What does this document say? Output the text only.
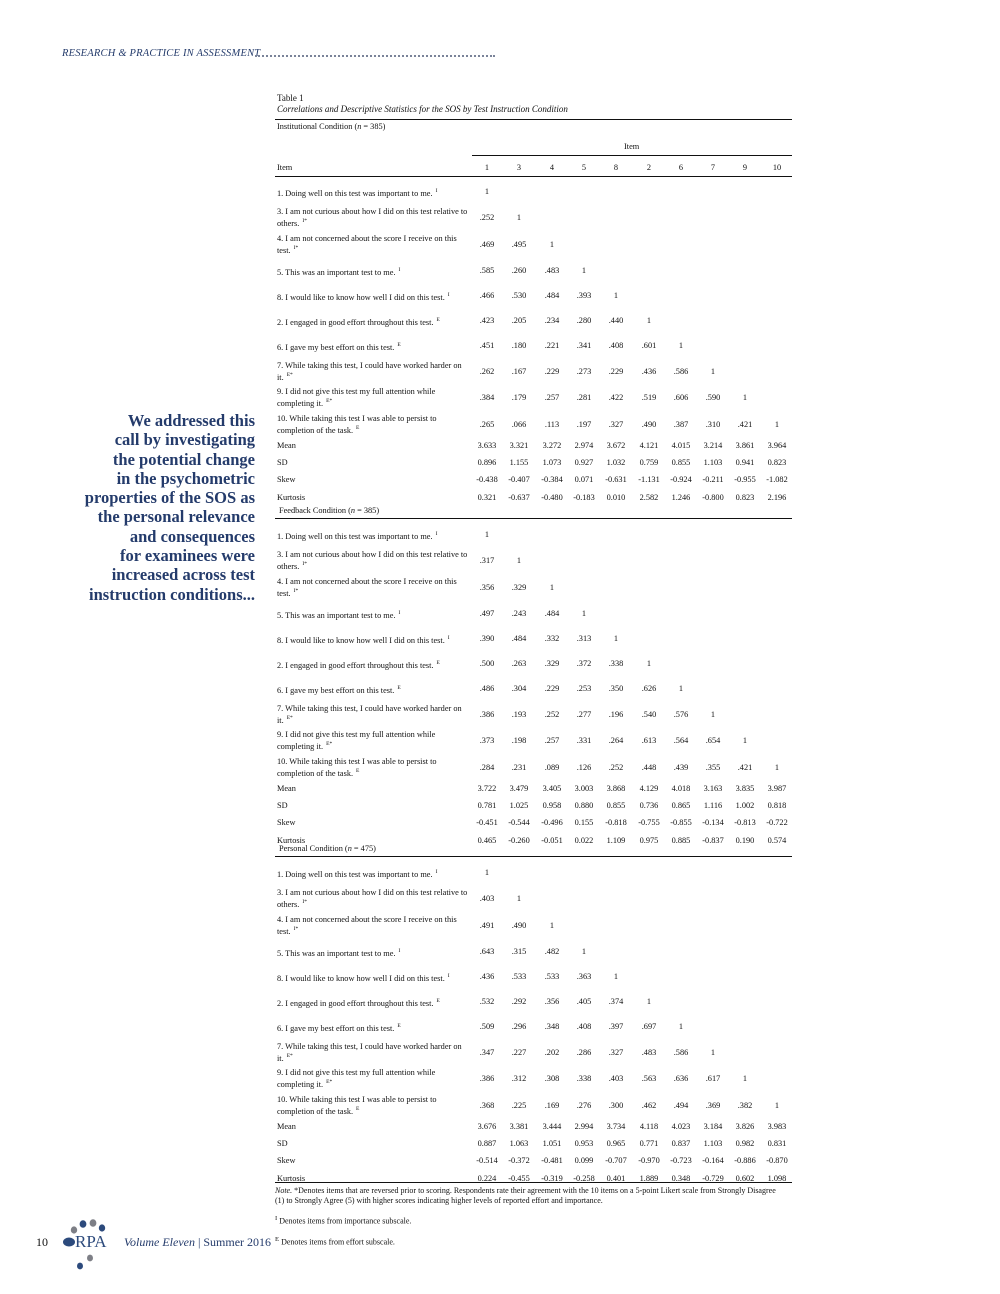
RESEARCH & PRACTICE IN ASSESSMENT
We addressed this
call by investigating
the potential change
in the psychometric
properties of the SOS as
the personal relevance
and consequences
for examinees were
increased across test
instruction conditions...
Table 1
Correlations and Descriptive Statistics for the SOS by Test Instruction Condition
Item
Item	1	3	4	5	8	2	6	7	9	10
Institutional Condition (n = 385)
1. Doing well on this test was important to me. $^I$	1
3. I am not curious about how I did on this test relative to others. $^{I*}$	.252	1
4. I am not concerned about the score I receive on this test. $^{I*}$	.469	.495	1
5. This was an important test to me. $^I$	.585	.260	.483	1
8. I would like to know how well I did on this test. $^I$	.466	.530	.484	.393	1
2. I engaged in good effort throughout this test. $^E$	.423	.205	.234	.280	.440	1
6. I gave my best effort on this test. $^E$	.451	.180	.221	.341	.408	.601	1
7. While taking this test, I could have worked harder on it. $^{E*}$	.262	.167	.229	.273	.229	.436	.586	1
9. I did not give this test my full attention while completing it. $^{E*}$	.384	.179	.257	.281	.422	.519	.606	.590	1
10. While taking this test I was able to persist to completion of the task. $^E$	.265	.066	.113	.197	.327	.490	.387	.310	.421	1
Mean	3.633	3.321	3.272	2.974	3.672	4.121	4.015	3.214	3.861	3.964
SD	0.896	1.155	1.073	0.927	1.032	0.759	0.855	1.103	0.941	0.823
Skew	-0.438	-0.407	-0.384	0.071	-0.631	-1.131	-0.924	-0.211	-0.955	-1.082
Kurtosis	0.321	-0.637	-0.480	-0.183	0.010	2.582	1.246	-0.800	0.823	2.196
Feedback Condition (n = 385)
1. Doing well on this test was important to me. $^I$	1
3. I am not curious about how I did on this test relative to others. $^{I*}$	.317	1
4. I am not concerned about the score I receive on this test. $^{I*}$	.356	.329	1
5. This was an important test to me. $^I$	.497	.243	.484	1
8. I would like to know how well I did on this test. $^I$	.390	.484	.332	.313	1
2. I engaged in good effort throughout this test. $^E$	.500	.263	.329	.372	.338	1
6. I gave my best effort on this test. $^E$	.486	.304	.229	.253	.350	.626	1
7. While taking this test, I could have worked harder on it. $^{E*}$	.386	.193	.252	.277	.196	.540	.576	1
9. I did not give this test my full attention while completing it. $^{E*}$	.373	.198	.257	.331	.264	.613	.564	.654	1
10. While taking this test I was able to persist to completion of the task. $^E$	.284	.231	.089	.126	.252	.448	.439	.355	.421	1
Mean	3.722	3.479	3.405	3.003	3.868	4.129	4.018	3.163	3.835	3.987
SD	0.781	1.025	0.958	0.880	0.855	0.736	0.865	1.116	1.002	0.818
Skew	-0.451	-0.544	-0.496	0.155	-0.818	-0.755	-0.855	-0.134	-0.813	-0.722
Kurtosis	0.465	-0.260	-0.051	0.022	1.109	0.975	0.885	-0.837	0.190	0.574
Personal Condition (n = 475)
1. Doing well on this test was important to me. $^I$	1
3. I am not curious about how I did on this test relative to others. $^{I*}$	.403	1
4. I am not concerned about the score I receive on this test. $^{I*}$	.491	.490	1
5. This was an important test to me. $^I$	.643	.315	.482	1
8. I would like to know how well I did on this test. $^I$	.436	.533	.533	.363	1
2. I engaged in good effort throughout this test. $^E$	.532	.292	.356	.405	.374	1
6. I gave my best effort on this test. $^E$	.509	.296	.348	.408	.397	.697	1
7. While taking this test, I could have worked harder on it. $^{E*}$	.347	.227	.202	.286	.327	.483	.586	1
9. I did not give this test my full attention while completing it. $^{E*}$	.386	.312	.308	.338	.403	.563	.636	.617	1
10. While taking this test I was able to persist to completion of the task. $^E$	.368	.225	.169	.276	.300	.462	.494	.369	.382	1
Mean	3.676	3.381	3.444	2.994	3.734	4.118	4.023	3.184	3.826	3.983
SD	0.887	1.063	1.051	0.953	0.965	0.771	0.837	1.103	0.982	0.831
Skew	-0.514	-0.372	-0.481	0.099	-0.707	-0.970	-0.723	-0.164	-0.886	-0.870
Kurtosis	0.224	-0.455	-0.319	-0.258	0.401	1.889	0.348	-0.729	0.602	1.098

Note. *Denotes items that are reversed prior to scoring. Respondents rate their agreement with the 10 items on a 5-point Likert scale from Strongly Disagree (1) to Strongly Agree (5) with higher scores indicating higher levels of reported effort and importance.

$^I$ Denotes items from importance subscale.

$^E$ Denotes items from effort subscale.

10 RPA Volume Eleven | Summer 2016
